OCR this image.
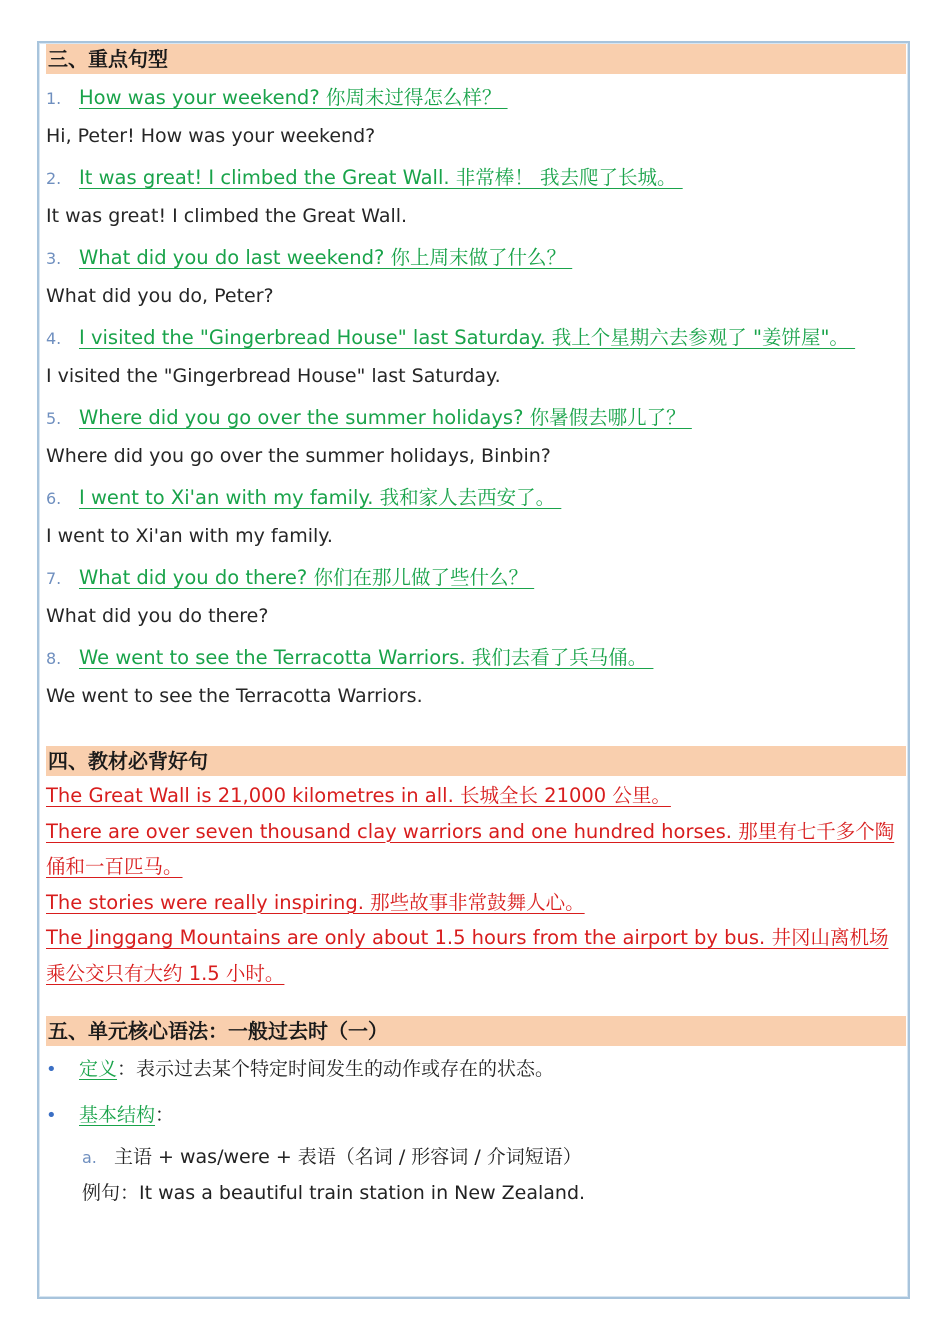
三、重点句型
1. How was your weekend? 你周末过得怎么样？
Hi, Peter! How was your weekend?
2. It was great! I climbed the Great Wall. 非常棒！ 我去爬了长城。
It was great! I climbed the Great Wall.
3. What did you do last weekend? 你上周末做了什么？
What did you do, Peter?
4. I visited the "Gingerbread House" last Saturday. 我上个星期六去参观了 "姜饼屋"。
I visited the "Gingerbread House" last Saturday.
5. Where did you go over the summer holidays? 你暑假去哪儿了？
Where did you go over the summer holidays, Binbin?
6. I went to Xi'an with my family. 我和家人去西安了。
I went to Xi'an with my family.
7. What did you do there? 你们在那儿做了些什么？
What did you do there?
8. We went to see the Terracotta Warriors. 我们去看了兵马俑。
We went to see the Terracotta Warriors.
四、教材必背好句
The Great Wall is 21,000 kilometres in all. 长城全长 21000 公里。
There are over seven thousand clay warriors and one hundred horses. 那里有七千多个陶
俑和一百匹马。
The stories were really inspiring. 那些故事非常鼓舞人心。
The Jinggang Mountains are only about 1.5 hours from the airport by bus. 井冈山离机场
乘公交只有大约 1.5 小时。
五、单元核心语法：一般过去时（一）
•	定义：表示过去某个特定时间发生的动作或存在的状态。
•	基本结构：
a. 主语 + was/were + 表语（名词 / 形容词 / 介词短语）
例句：It was a beautiful train station in New Zealand.
